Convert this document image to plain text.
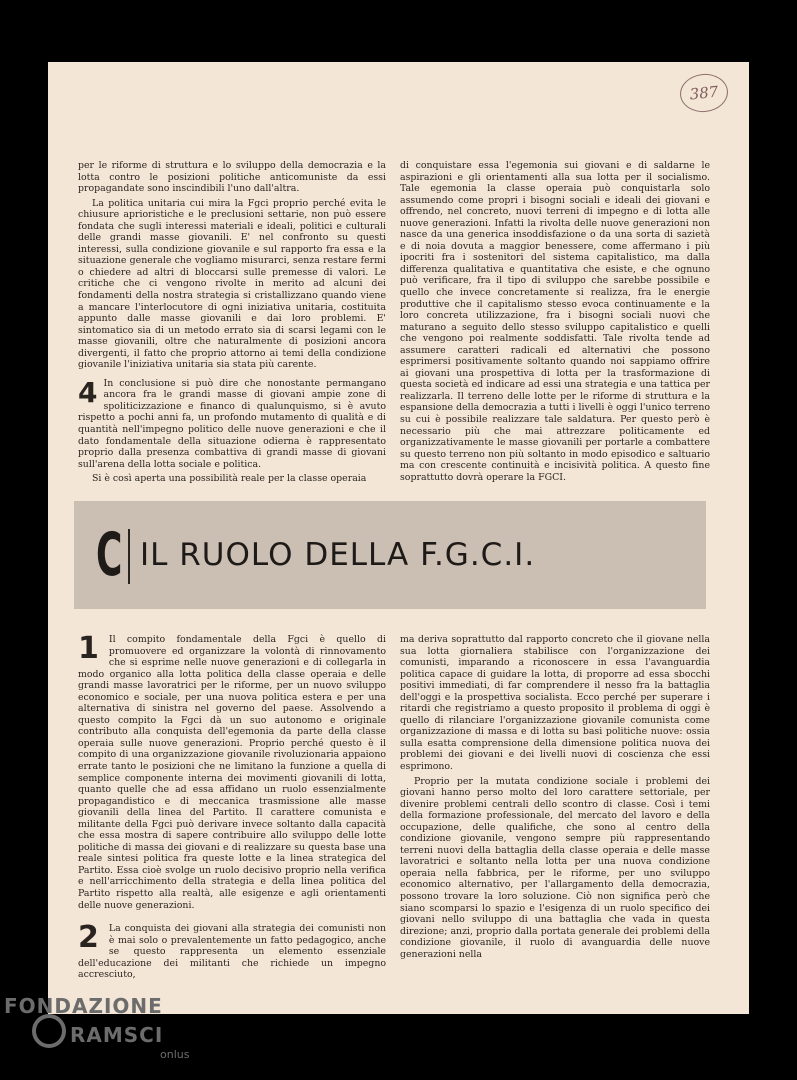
387

per le riforme di struttura e lo sviluppo della democrazia e la lotta contro le posizioni politiche anticomuniste da essi propagandate sono inscindibili l'uno dall'altra.

La politica unitaria cui mira la Fgci proprio perché evita le chiusure aprioristiche e le preclusioni settarie, non può essere fondata che sugli interessi materiali e ideali, politici e culturali delle grandi masse giovanili. E' nel confronto su questi interessi, sulla condizione giovanile e sul rapporto fra essa e la situazione generale che vogliamo misurarci, senza restare fermi o chiedere ad altri di bloccarsi sulle premesse di valori. Le critiche che ci vengono rivolte in merito ad alcuni dei fondamenti della nostra strategia si cristallizzano quando viene a mancare l'interlocutore di ogni iniziativa unitaria, costituita appunto dalle masse giovanili e dai loro problemi. E' sintomatico sia di un metodo errato sia di scarsi legami con le masse giovanili, oltre che naturalmente di posizioni ancora divergenti, il fatto che proprio attorno ai temi della condizione giovanile l'iniziativa unitaria sia stata più carente.

4 In conclusione si può dire che nonostante permangano ancora fra le grandi masse di giovani ampie zone di spoliticizzazione e financo di qualunquismo, si è avuto rispetto a pochi anni fa, un profondo mutamento di qualità e di quantità nell'impegno politico delle nuove generazioni e che il dato fondamentale della situazione odierna è rappresentato proprio dalla presenza combattiva di grandi masse di giovani sull'arena della lotta sociale e politica.

Si è così aperta una possibilità reale per la classe operaia

di conquistare essa l'egemonia sui giovani e di saldarne le aspirazioni e gli orientamenti alla sua lotta per il socialismo. Tale egemonia la classe operaia può conquistarla solo assumendo come propri i bisogni sociali e ideali dei giovani e offrendo, nel concreto, nuovi terreni di impegno e di lotta alle nuove generazioni. Infatti la rivolta delle nuove generazioni non nasce da una generica insoddisfazione o da una sorta di sazietà e di noia dovuta a maggior benessere, come affermano i più ipocriti fra i sostenitori del sistema capitalistico, ma dalla differenza qualitativa e quantitativa che esiste, e che ognuno può verificare, fra il tipo di sviluppo che sarebbe possibile e quello che invece concretamente si realizza, fra le energie produttive che il capitalismo stesso evoca continuamente e la loro concreta utilizzazione, fra i bisogni sociali nuovi che maturano a seguito dello stesso sviluppo capitalistico e quelli che vengono poi realmente soddisfatti. Tale rivolta tende ad assumere caratteri radicali ed alternativi che possono esprimersi positivamente soltanto quando noi sappiamo offrire ai giovani una prospettiva di lotta per la trasformazione di questa società ed indicare ad essi una strategia e una tattica per realizzarla. Il terreno delle lotte per le riforme di struttura e la espansione della democrazia a tutti i livelli è oggi l'unico terreno su cui è possibile realizzare tale saldatura. Per questo però è necessario più che mai attrezzare politicamente ed organizzativamente le masse giovanili per portarle a combattere su questo terreno non più soltanto in modo episodico e saltuario ma con crescente continuità e incisività politica. A questo fine soprattutto dovrà operare la FGCI.

C IL RUOLO DELLA F.G.C.I.

1 Il compito fondamentale della Fgci è quello di promuovere ed organizzare la volontà di rinnovamento che si esprime nelle nuove generazioni e di collegarla in modo organico alla lotta politica della classe operaia e delle grandi masse lavoratrici per le riforme, per un nuovo sviluppo economico e sociale, per una nuova politica estera e per una alternativa di sinistra nel governo del paese. Assolvendo a questo compito la Fgci dà un suo autonomo e originale contributo alla conquista dell'egemonia da parte della classe operaia sulle nuove generazioni. Proprio perché questo è il compito di una organizzazione giovanile rivoluzionaria appaiono errate tanto le posizioni che ne limitano la funzione a quella di semplice componente interna dei movimenti giovanili di lotta, quanto quelle che ad essa affidano un ruolo essenzialmente propagandistico e di meccanica trasmissione alle masse giovanili della linea del Partito. Il carattere comunista e militante della Fgci può derivare invece soltanto dalla capacità che essa mostra di sapere contribuire allo sviluppo delle lotte politiche di massa dei giovani e di realizzare su questa base una reale sintesi politica fra queste lotte e la linea strategica del Partito. Essa cioè svolge un ruolo decisivo proprio nella verifica e nell'arricchimento della strategia e della linea politica del Partito rispetto alla realtà, alle esigenze e agli orientamenti delle nuove generazioni.

2 La conquista dei giovani alla strategia dei comunisti non è mai solo o prevalentemente un fatto pedagogico, anche se questo rappresenta un elemento essenziale dell'educazione dei militanti che richiede un impegno accresciuto,

ma deriva soprattutto dal rapporto concreto che il giovane nella sua lotta giornaliera stabilisce con l'organizzazione dei comunisti, imparando a riconoscere in essa l'avanguardia politica capace di guidare la lotta, di proporre ad essa sbocchi positivi immediati, di far comprendere il nesso fra la battaglia dell'oggi e la prospettiva socialista. Ecco perché per superare i ritardi che registriamo a questo proposito il problema di oggi è quello di rilanciare l'organizzazione giovanile comunista come organizzazione di massa e di lotta su basi politiche nuove: ossia sulla esatta comprensione della dimensione politica nuova dei problemi dei giovani e dei livelli nuovi di coscienza che essi esprimono.

Proprio per la mutata condizione sociale i problemi dei giovani hanno perso molto del loro carattere settoriale, per divenire problemi centrali dello scontro di classe. Così i temi della formazione professionale, del mercato del lavoro e della occupazione, delle qualifiche, che sono al centro della condizione giovanile, vengono sempre più rappresentando terreni nuovi della battaglia della classe operaia e delle masse lavoratrici e soltanto nella lotta per una nuova condizione operaia nella fabbrica, per le riforme, per uno sviluppo economico alternativo, per l'allargamento della democrazia, possono trovare la loro soluzione. Ciò non significa però che siano scomparsi lo spazio e l'esigenza di un ruolo specifico dei giovani nello sviluppo di una battaglia che vada in questa direzione; anzi, proprio dalla portata generale dei problemi della condizione giovanile, il ruolo di avanguardia delle nuove generazioni nella

FONDAZIONE
RAMSCI
onlus
